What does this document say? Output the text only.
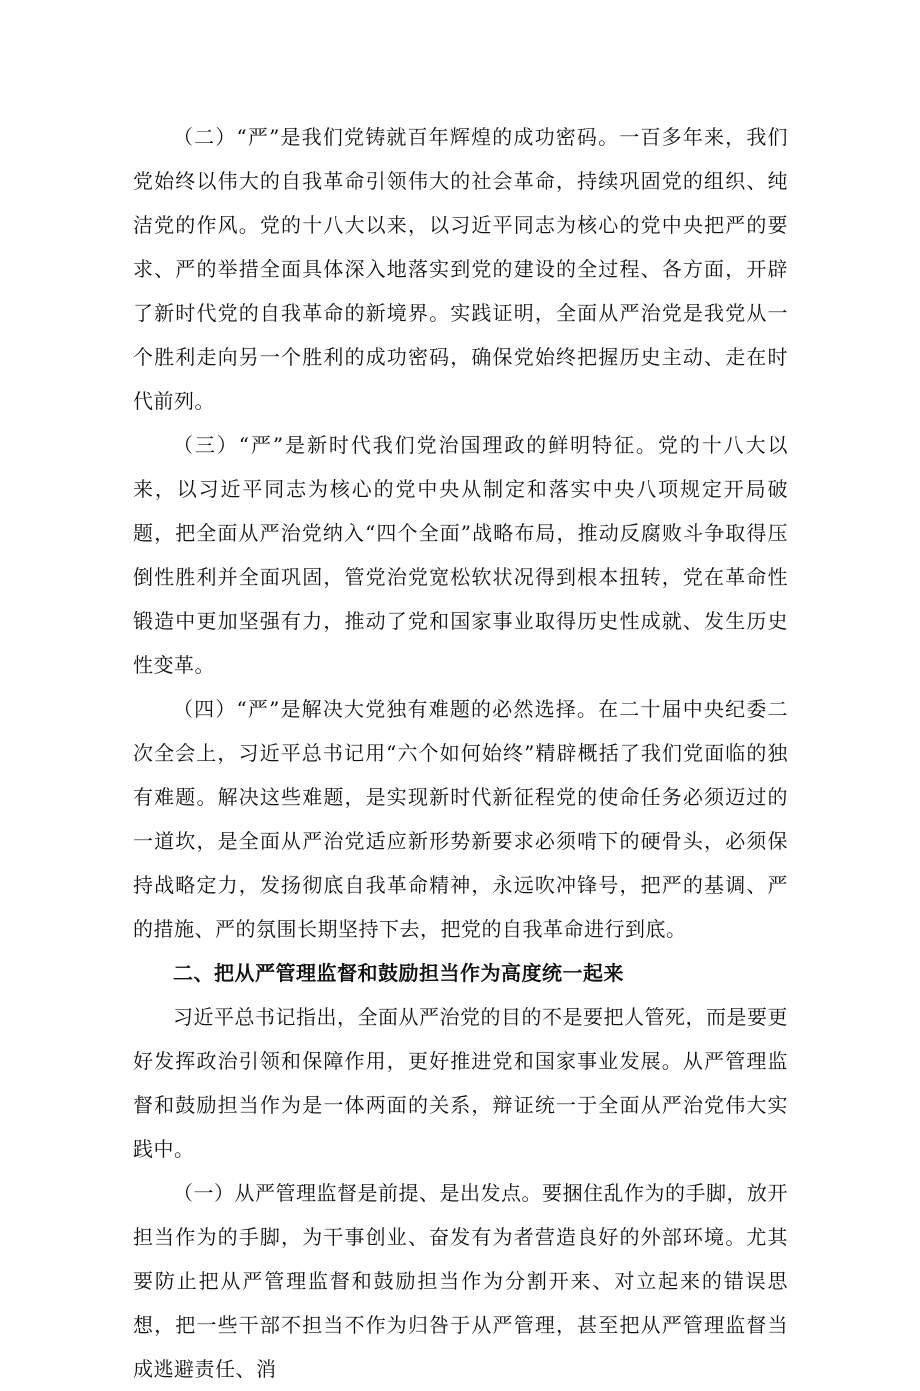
（二）“严”是我们党铸就百年辉煌的成功密码。一百多年来，我们党始终以伟大的自我革命引领伟大的社会革命，持续巩固党的组织、纯洁党的作风。党的十八大以来，以习近平同志为核心的党中央把严的要求、严的举措全面具体深入地落实到党的建设的全过程、各方面，开辟了新时代党的自我革命的新境界。实践证明，全面从严治党是我党从一个胜利走向另一个胜利的成功密码，确保党始终把握历史主动、走在时代前列。

（三）“严”是新时代我们党治国理政的鲜明特征。党的十八大以来，以习近平同志为核心的党中央从制定和落实中央八项规定开局破题，把全面从严治党纳入“四个全面”战略布局，推动反腐败斗争取得压倒性胜利并全面巩固，管党治党宽松软状况得到根本扭转，党在革命性锻造中更加坚强有力，推动了党和国家事业取得历史性成就、发生历史性变革。

（四）“严”是解决大党独有难题的必然选择。在二十届中央纪委二次全会上，习近平总书记用“六个如何始终”精辟概括了我们党面临的独有难题。解决这些难题，是实现新时代新征程党的使命任务必须迈过的一道坎，是全面从严治党适应新形势新要求必须啃下的硬骨头，必须保持战略定力，发扬彻底自我革命精神，永远吹冲锋号，把严的基调、严的措施、严的氛围长期坚持下去，把党的自我革命进行到底。

二、把从严管理监督和鼓励担当作为高度统一起来

习近平总书记指出，全面从严治党的目的不是要把人管死，而是要更好发挥政治引领和保障作用，更好推进党和国家事业发展。从严管理监督和鼓励担当作为是一体两面的关系，辩证统一于全面从严治党伟大实践中。

（一）从严管理监督是前提、是出发点。要捆住乱作为的手脚，放开担当作为的手脚，为干事创业、奋发有为者营造良好的外部环境。尤其要防止把从严管理监督和鼓励担当作为分割开来、对立起来的错误思想，把一些干部不担当不作为归咎于从严管理，甚至把从严管理监督当成逃避责任、消
